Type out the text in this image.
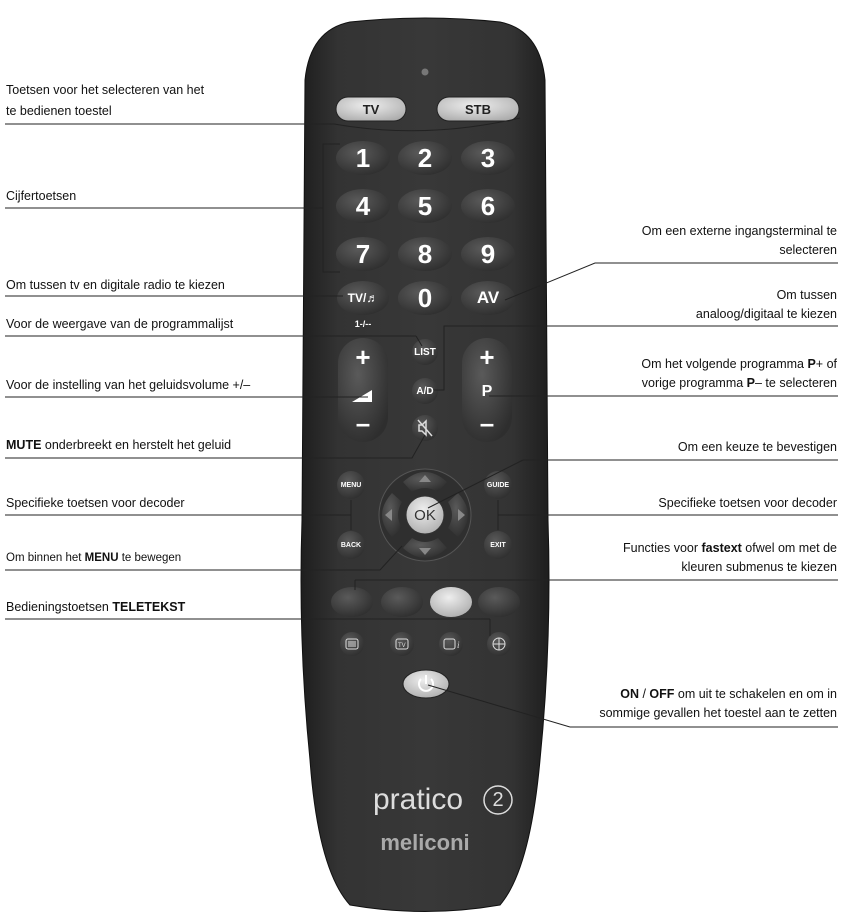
TV	i
TV	STB
1	2	3
4	5	6
7	8	9
TV/♬	0	AV
1-/--
+
–
+
P
–
LIST
A/D
OK
MENU
BACK
GUIDE
EXIT
pratico	2
meliconi
Toetsen voor het selecteren van het
te bedienen toestel
Cijfertoetsen
Om tussen tv en digitale radio te kiezen
Voor de weergave van de programmalijst
Voor de instelling van het geluidsvolume +/–
MUTE onderbreekt en herstelt het geluid
Specifieke toetsen voor decoder
Om binnen het MENU te bewegen
Bedieningstoetsen TELETEKST
Om een externe ingangsterminal te
selecteren
Om tussen
analoog/digitaal te kiezen
Om het volgende programma P+ of
vorige programma P– te selecteren
Om een keuze te bevestigen
Specifieke toetsen voor decoder
Functies voor fastext ofwel om met de
kleuren submenus te kiezen
ON / OFF om uit te schakelen en om in
sommige gevallen het toestel aan te zetten
